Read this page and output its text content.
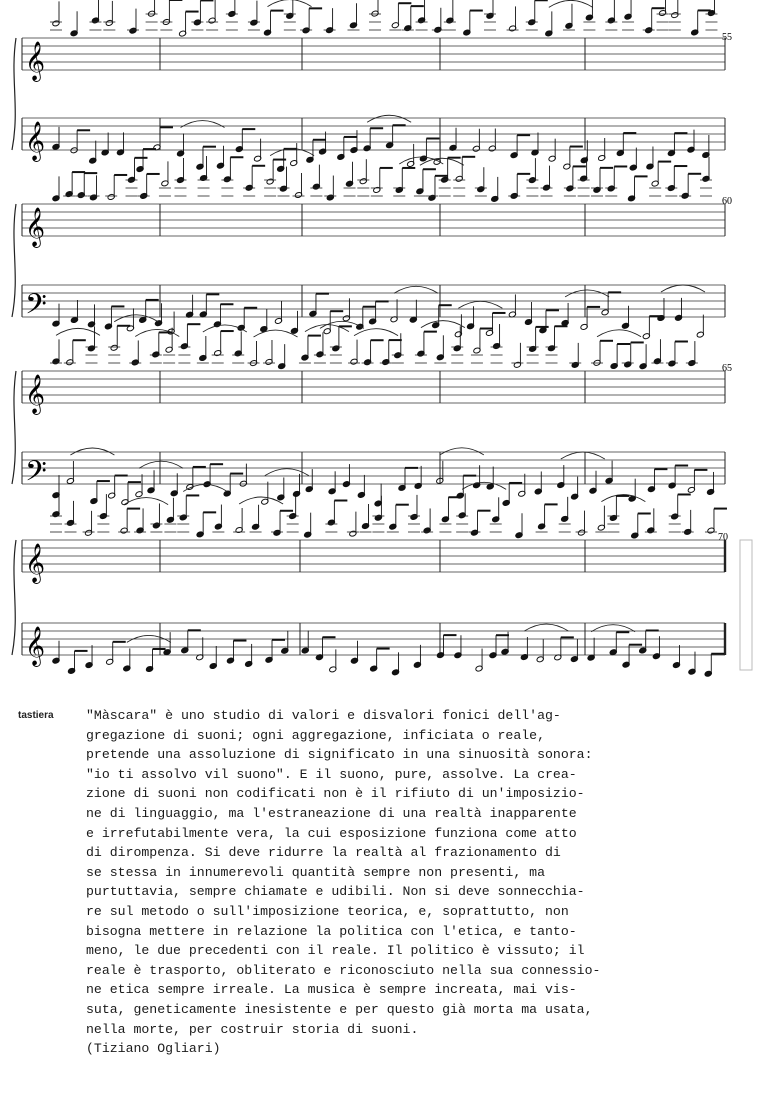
𝄞
𝄞
𝄞
𝄢
𝄞
𝄢
𝄞
𝄞
55
60
65
70
tastiera "Màscara" è uno studio di valori e disvalori fonici dell'ag-
gregazione di suoni; ogni aggregazione, inficiata o reale,
pretende una assoluzione di significato in una sinuosità sonora:
"io ti assolvo vil suono". E il suono, pure, assolve. La crea-
zione di suoni non codificati non è il rifiuto di un'imposizio-
ne di linguaggio, ma l'estraneazione di una realtà inapparente
e irrefutabilmente vera, la cui esposizione funziona come atto
di dirompenza. Si deve ridurre la realtà al frazionamento di
se stessa in innumerevoli quantità sempre non presenti, ma
purtuttavia, sempre chiamate e udibili. Non si deve sonnecchia-
re sul metodo o sull'imposizione teorica, e, soprattutto, non
bisogna mettere in relazione la politica con l'etica, e tanto-
meno, le due precedenti con il reale. Il politico è vissuto; il
reale è trasporto, obliterato e riconosciuto nella sua connessio-
ne etica sempre irreale. La musica è sempre increata, mai vis-
suta, geneticamente inesistente e per questo già morta ma usata,
nella morte, per costruir storia di suoni.
(Tiziano Ogliari)
